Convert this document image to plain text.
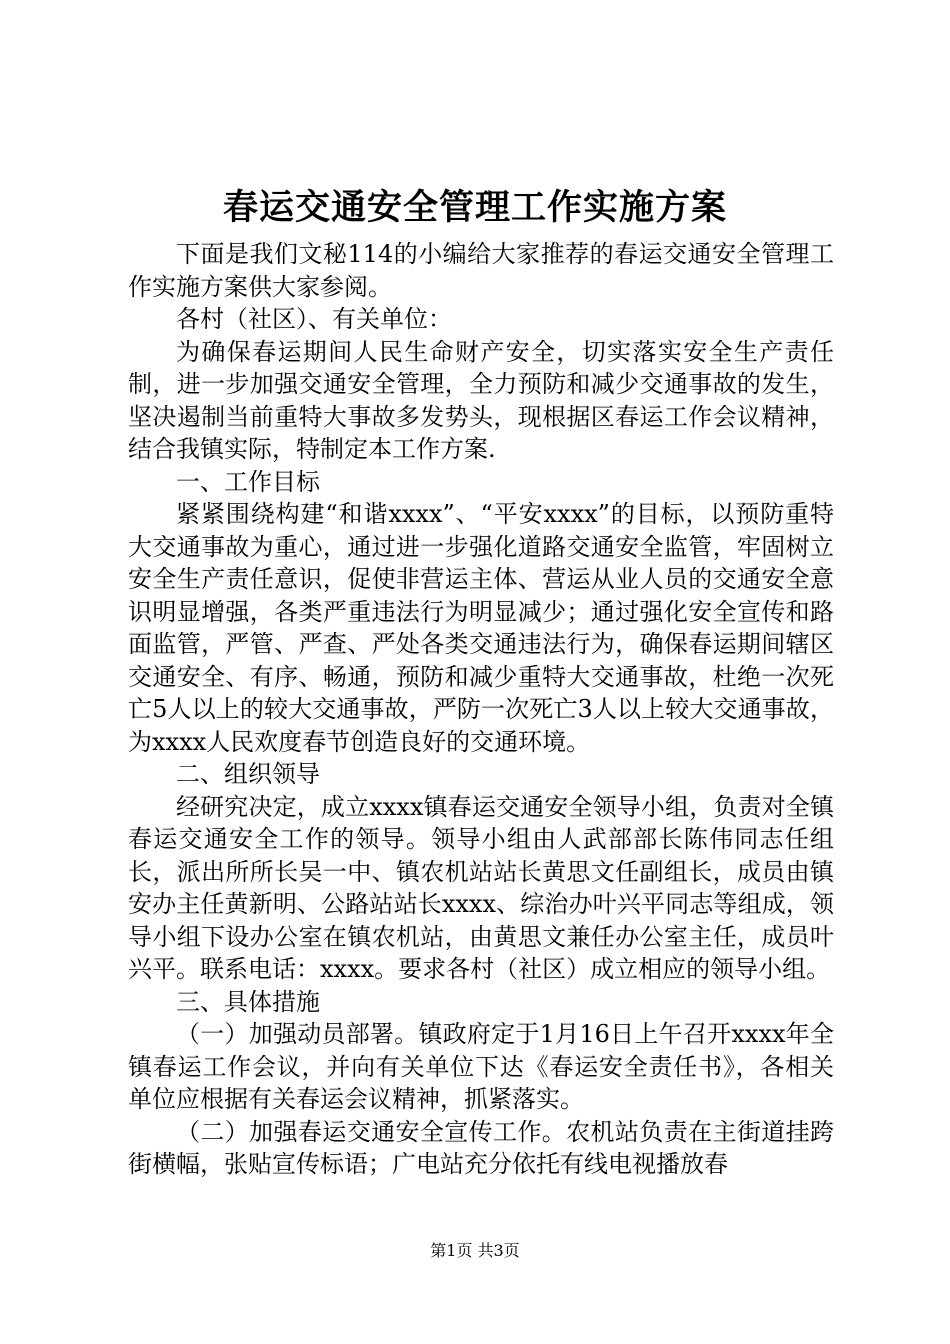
春运交通安全管理工作实施方案

下面是我们文秘114的小编给大家推荐的春运交通安全管理工作实施方案供大家参阅。

各村（社区）、有关单位：

为确保春运期间人民生命财产安全，切实落实安全生产责任制，进一步加强交通安全管理，全力预防和减少交通事故的发生，坚决遏制当前重特大事故多发势头，现根据区春运工作会议精神，结合我镇实际，特制定本工作方案.

一、工作目标

紧紧围绕构建“和谐xxxx”、“平安xxxx”的目标，以预防重特大交通事故为重心，通过进一步强化道路交通安全监管，牢固树立安全生产责任意识，促使非营运主体、营运从业人员的交通安全意识明显增强，各类严重违法行为明显减少；通过强化安全宣传和路面监管，严管、严查、严处各类交通违法行为，确保春运期间辖区交通安全、有序、畅通，预防和减少重特大交通事故，杜绝一次死亡5人以上的较大交通事故，严防一次死亡3人以上较大交通事故，为xxxx人民欢度春节创造良好的交通环境。

二、组织领导

经研究决定，成立xxxx镇春运交通安全领导小组，负责对全镇春运交通安全工作的领导。领导小组由人武部部长陈伟同志任组长，派出所所长吴一中、镇农机站站长黄思文任副组长，成员由镇安办主任黄新明、公路站站长xxxx、综治办叶兴平同志等组成，领导小组下设办公室在镇农机站，由黄思文兼任办公室主任，成员叶兴平。联系电话：xxxx。要求各村（社区）成立相应的领导小组。

三、具体措施

（一）加强动员部署。镇政府定于1月16日上午召开xxxx年全镇春运工作会议，并向有关单位下达《春运安全责任书》，各相关单位应根据有关春运会议精神，抓紧落实。

（二）加强春运交通安全宣传工作。农机站负责在主街道挂跨街横幅，张贴宣传标语；广电站充分依托有线电视播放春

第1页 共3页
